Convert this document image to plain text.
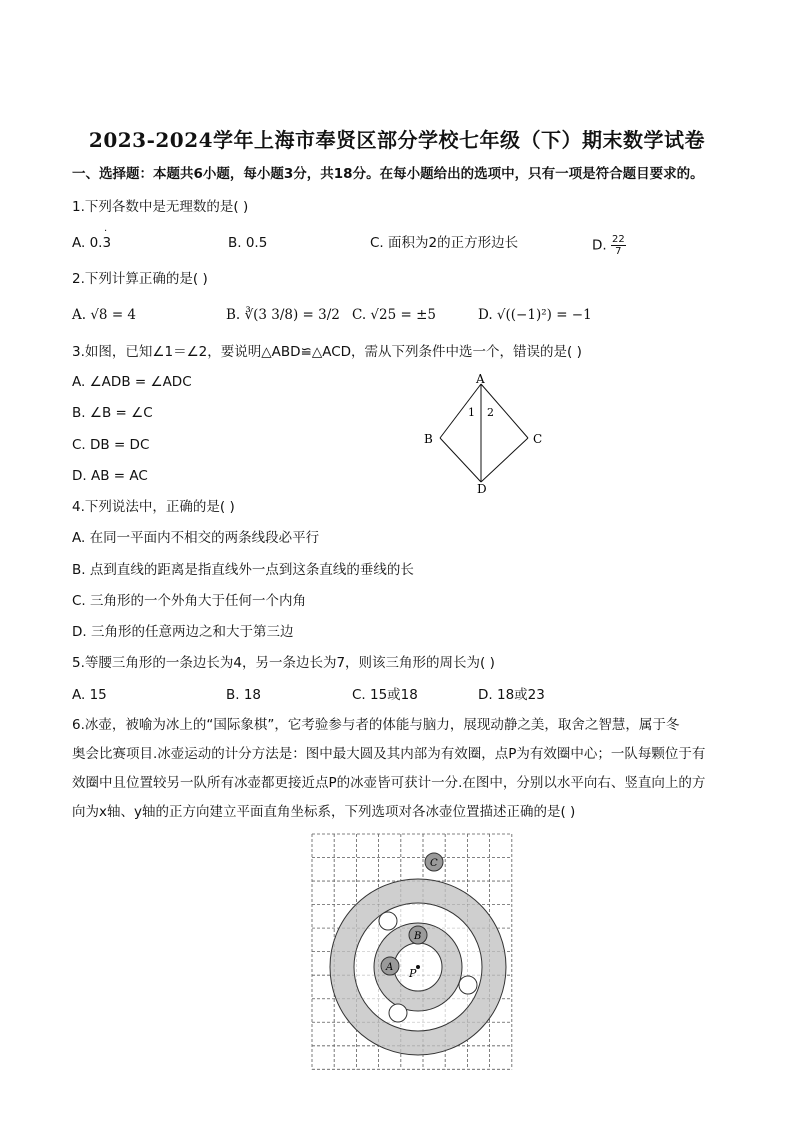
2023-2024学年上海市奉贤区部分学校七年级（下）期末数学试卷
一、选择题：本题共6小题，每小题3分，共18分。在每小题给出的选项中，只有一项是符合题目要求的。
1.下列各数中是无理数的是( )
A. 0.3
·
B. 0.5	C. 面积为2的正方形边长	D. $\frac{22}{7}$
2.下列计算正确的是( )
A. √8 = 4	B. ∛(3 3/8) = 3/2 C. √25 = ±5	D. √((−1)²) = −1
3.如图，已知∠1＝∠2，要说明△ABD≌△ACD，需从下列条件中选一个，错误的是( )
A. ∠ADB = ∠ADC
B. ∠B = ∠C
C. DB = DC
D. AB = AC
A
B	C
D
1 2
4.下列说法中，正确的是( )
A. 在同一平面内不相交的两条线段必平行
B. 点到直线的距离是指直线外一点到这条直线的垂线的长
C. 三角形的一个外角大于任何一个内角
D. 三角形的任意两边之和大于第三边
5.等腰三角形的一条边长为4，另一条边长为7，则该三角形的周长为( )
A. 15	B. 18	C. 15或18	D. 18或23
6.冰壶，被喻为冰上的“国际象棋”，它考验参与者的体能与脑力，展现动静之美，取舍之智慧，属于冬
奥会比赛项目.冰壶运动的计分方法是：图中最大圆及其内部为有效圈，点P为有效圈中心；一队每颗位于有
效圈中且位置较另一队所有冰壶都更接近点P的冰壶皆可获计一分.在图中，分别以水平向右、竖直向上的方
向为x轴、y轴的正方向建立平面直角坐标系，下列选项对各冰壶位置描述正确的是( )
P
C
B
A
